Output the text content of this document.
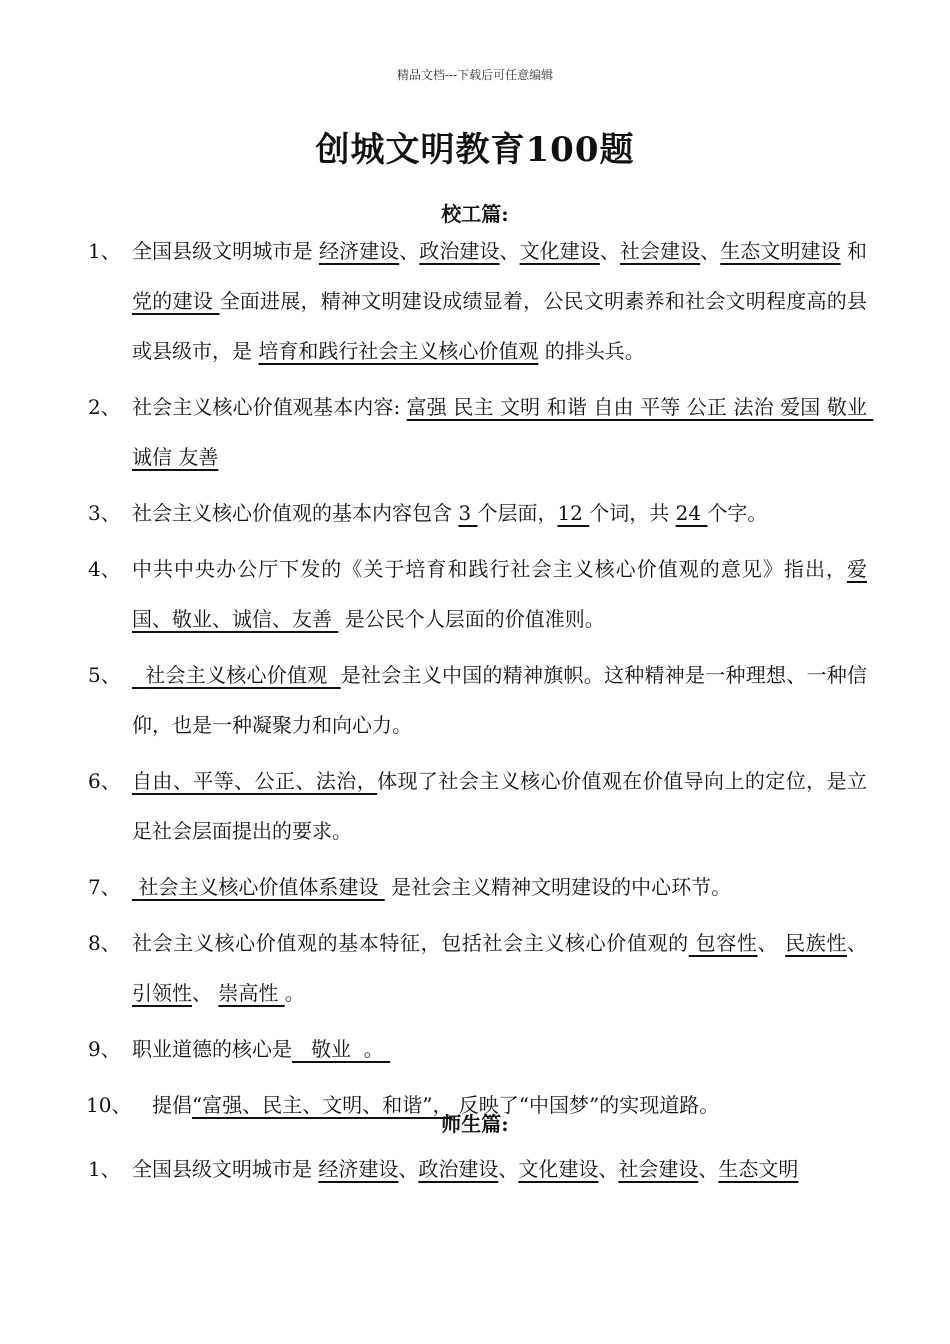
精品文档---下载后可任意编辑
创城文明教育100题
校工篇:
1、 全国县级文明城市是 经济建设、政治建设、文化建设、社会建设、生态文明建设 和 党的建设 全面进展，精神文明建设成绩显着，公民文明素养和社会文明程度高的县或县级市，是 培育和践行社会主义核心价值观 的排头兵。
2、 社会主义核心价值观基本内容: 富强 民主 文明 和谐 自由 平等 公正 法治 爱国 敬业 诚信 友善
3、 社会主义核心价值观的基本内容包含 3 个层面，12 个词，共 24 个字。
4、 中共中央办公厅下发的《关于培育和践行社会主义核心价值观的意见》指出，爱国、敬业、诚信、友善  是公民个人层面的价值准则。
5、 社会主义核心价值观  是社会主义中国的精神旗帜。这种精神是一种理想、一种信仰，也是一种凝聚力和向心力。
6、 自由、平等、公正、法治，体现了社会主义核心价值观在价值导向上的定位，是立足社会层面提出的要求。
7、 社会主义核心价值体系建设  是社会主义精神文明建设的中心环节。
8、 社会主义核心价值观的基本特征，包括社会主义核心价值观的 包容性、 民族性、 引领性、 崇高性 。
9、 职业道德的核心是   敬业  。
10、 提倡“富强、民主、文明、和谐”， 反映了“中国梦”的实现道路。
师生篇:
1、 全国县级文明城市是 经济建设、政治建设、文化建设、社会建设、生态文明
